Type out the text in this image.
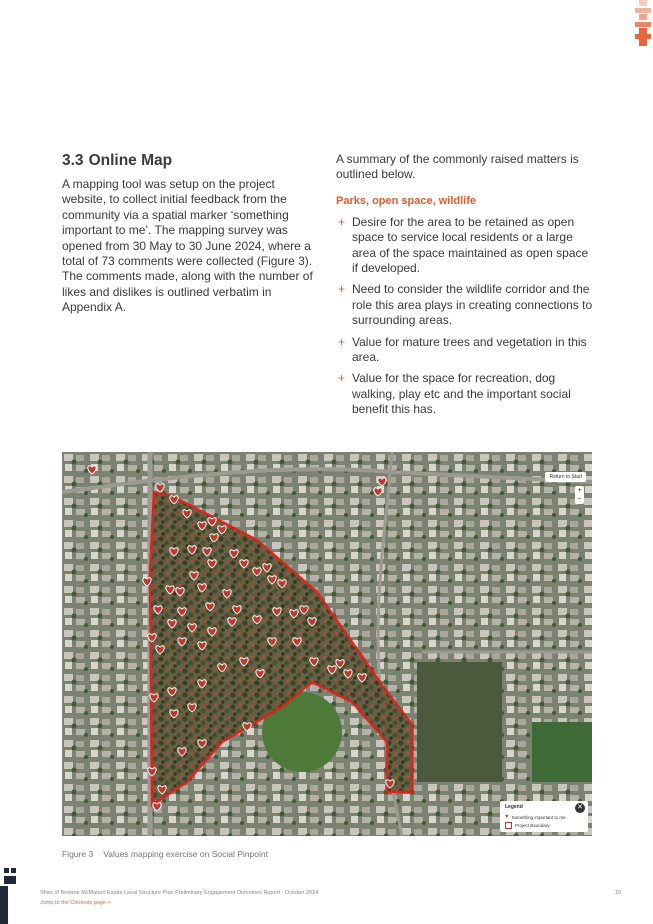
3.3 Online Map

A mapping tool was setup on the project website, to collect initial feedback from the community via a spatial marker ‘something important to me’. The mapping survey was opened from 30 May to 30 June 2024, where a total of 73 comments were collected (Figure 3). The comments made, along with the number of likes and dislikes is outlined verbatim in Appendix A.

A summary of the commonly raised matters is outlined below.

Parks, open space, wildlife
+ Desire for the area to be retained as open space to service local residents or a large area of the space maintained as open space if developed.
+ Need to consider the wildlife corridor and the role this area plays in creating connections to surrounding areas.
+ Value for mature trees and vegetation in this area.
+ Value for the space for recreation, dog walking, play etc and the important social benefit this has.
Return to Start
+
−
✕
Legend
♥ Something important to me
Project Boundary
Figure 3 Values mapping exercise on Social Pinpoint
Shire of Broome McMahon Estate Local Structure Plan Preliminary Engagement Outcomes Report - October 2024
Jump to the Contents page >
15
